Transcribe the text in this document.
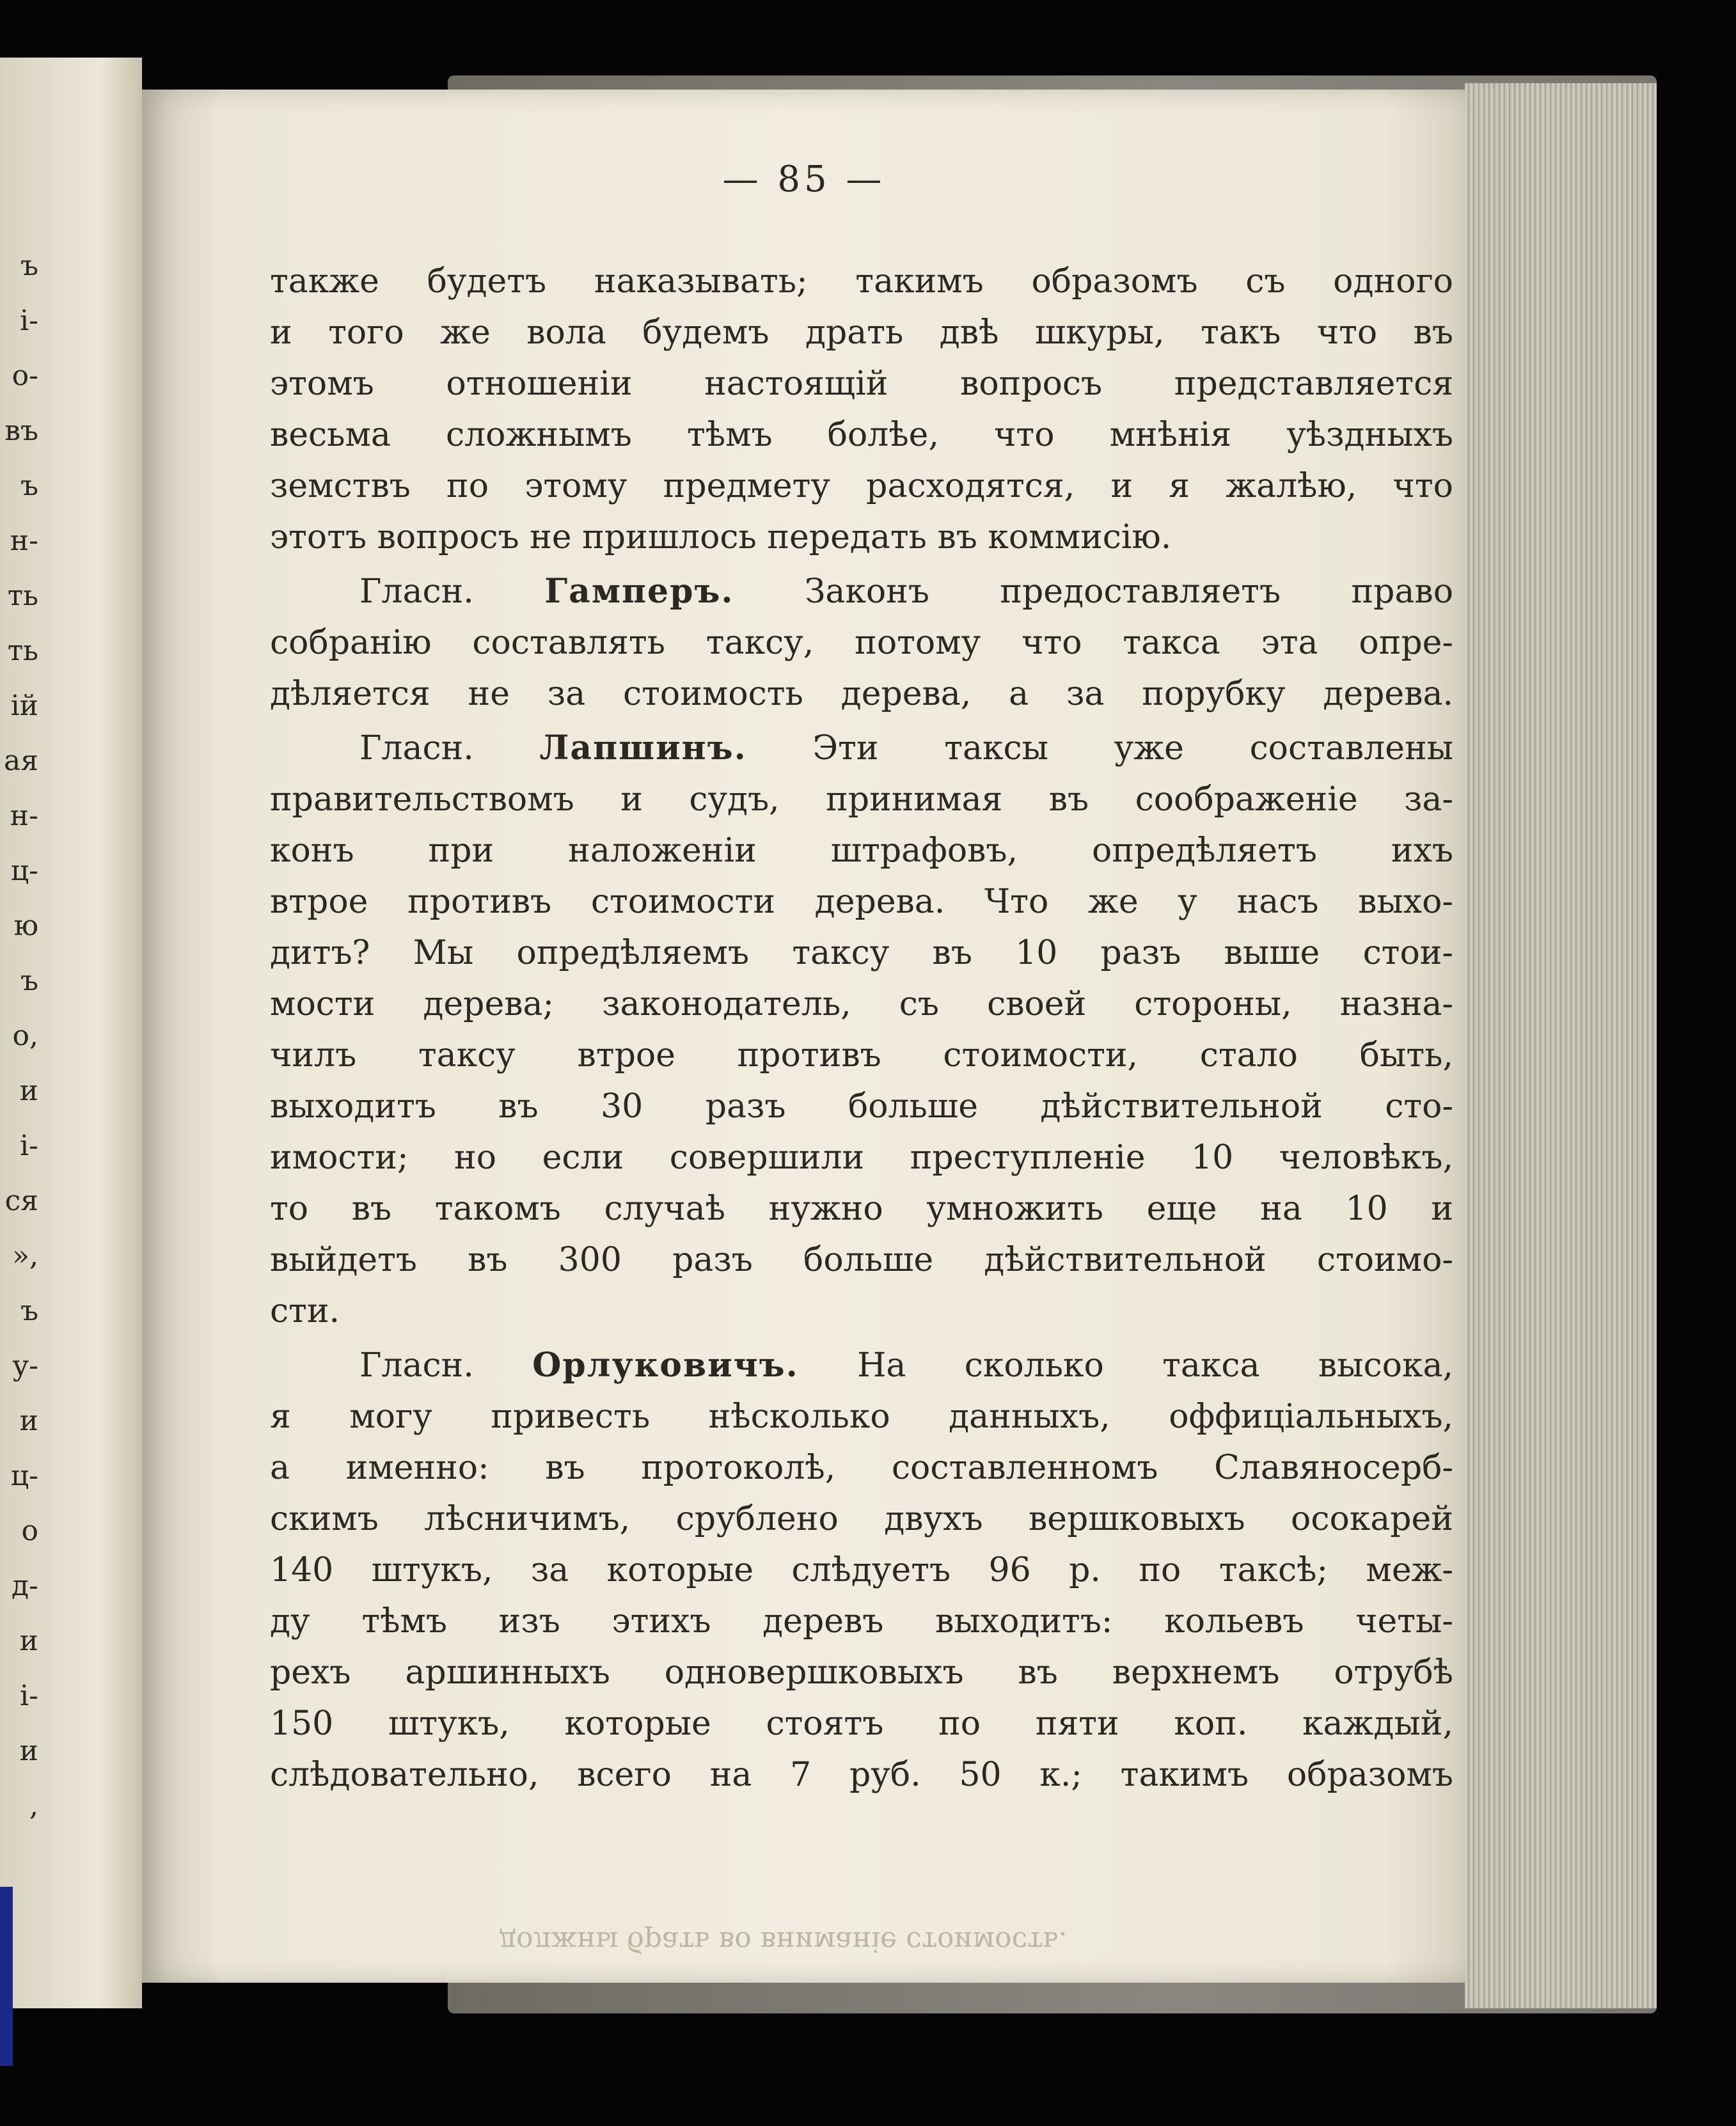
ъ
і-
о-
въ
ъ
н-
ть
ть
ій
ая
н-
ц-
ю
ъ
о,
и
і-
ся
»,
ъ
у-
и
ц-
о
д-
и
і-
и
,
— 85 —
также будетъ наказывать; такимъ образомъ съ одного
и того же вола будемъ драть двѣ шкуры, такъ что въ
этомъ отношеніи настоящій вопросъ представляется
весьма сложнымъ тѣмъ болѣе, что мнѣнія уѣздныхъ
земствъ по этому предмету расходятся, и я жалѣю, что
этотъ вопросъ не пришлось передать въ коммисію.
Гласн. Гамперъ. Законъ предоставляетъ право
собранію составлять таксу, потому что такса эта опре-
дѣляется не за стоимость дерева, а за порубку дерева.
Гласн. Лапшинъ. Эти таксы уже составлены
правительствомъ и судъ, принимая въ соображеніе за-
конъ при наложеніи штрафовъ, опредѣляетъ ихъ
втрое противъ стоимости дерева. Что же у насъ выхо-
дитъ? Мы опредѣляемъ таксу въ 10 разъ выше стои-
мости дерева; законодатель, съ своей стороны, назна-
чилъ таксу втрое противъ стоимости, стало быть,
выходитъ въ 30 разъ больше дѣйствительной сто-
имости; но если совершили преступленіе 10 человѣкъ,
то въ такомъ случаѣ нужно умножить еще на 10 и
выйдетъ въ 300 разъ больше дѣйствительной стоимо-
сти.
Гласн. Орлуковичъ. На сколько такса высока,
я могу привесть нѣсколько данныхъ, оффиціальныхъ,
а именно: въ протоколѣ, составленномъ Славяносерб-
скимъ лѣсничимъ, срублено двухъ вершковыхъ осокарей
140 штукъ, за которые слѣдуетъ 96 р. по таксѣ; меж-
ду тѣмъ изъ этихъ деревъ выходитъ: кольевъ четы-
рехъ аршинныхъ одновершковыхъ въ верхнемъ отрубѣ
150 штукъ, которые стоятъ по пяти коп. каждый,
слѣдовательно, всего на 7 руб. 50 к.; такимъ образомъ
должны брать во вниманіе стоимость.
